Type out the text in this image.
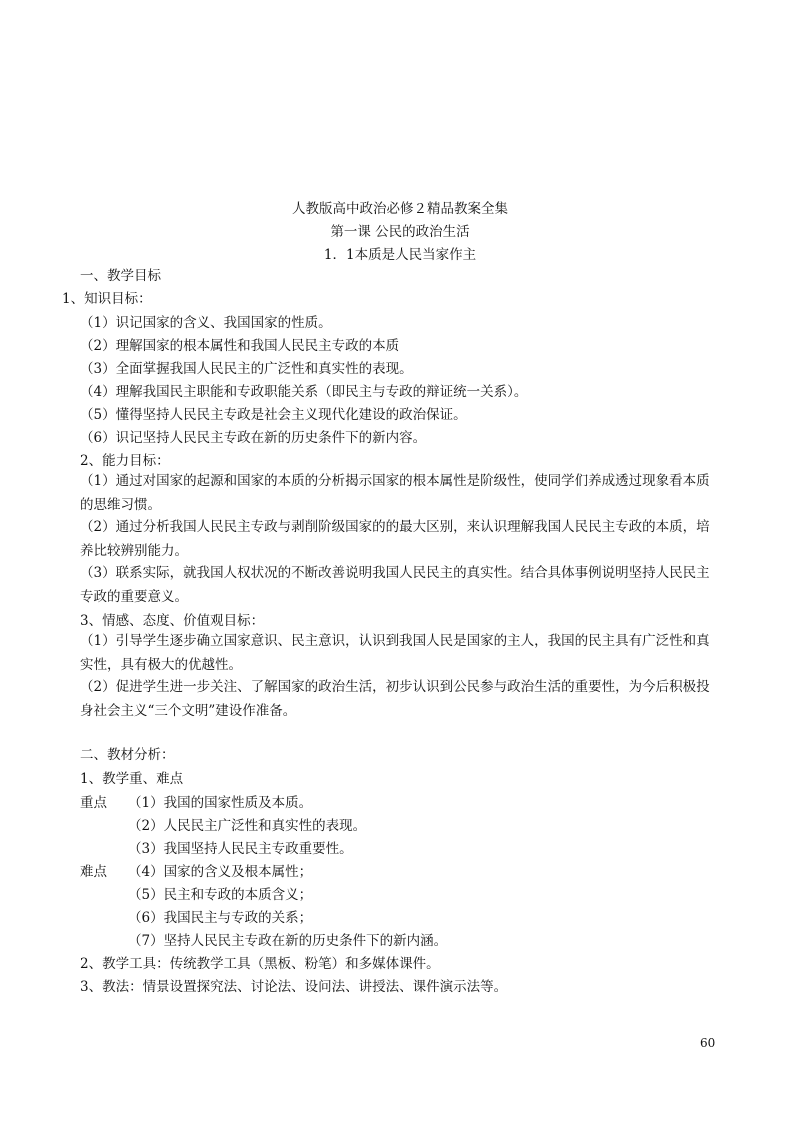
人教版高中政治必修２精品教案全集
第一课 公民的政治生活
1．1本质是人民当家作主
一、教学目标
1、知识目标：
（1）识记国家的含义、我国国家的性质。
（2）理解国家的根本属性和我国人民民主专政的本质
（3）全面掌握我国人民民主的广泛性和真实性的表现。
（4）理解我国民主职能和专政职能关系（即民主与专政的辩证统一关系）。
（5）懂得坚持人民民主专政是社会主义现代化建设的政治保证。
（6）识记坚持人民民主专政在新的历史条件下的新内容。
2、能力目标：
（1）通过对国家的起源和国家的本质的分析揭示国家的根本属性是阶级性，使同学们养成透过现象看本质的思维习惯。
（2）通过分析我国人民民主专政与剥削阶级国家的的最大区别，来认识理解我国人民民主专政的本质，培养比较辨别能力。
（3）联系实际，就我国人权状况的不断改善说明我国人民民主的真实性。结合具体事例说明坚持人民民主专政的重要意义。
3、情感、态度、价值观目标：
（1）引导学生逐步确立国家意识、民主意识，认识到我国人民是国家的主人，我国的民主具有广泛性和真实性，具有极大的优越性。
（2）促进学生进一步关注、了解国家的政治生活，初步认识到公民参与政治生活的重要性，为今后积极投身社会主义“三个文明”建设作准备。
二、教材分析：
1、教学重、难点
重点 （1）我国的国家性质及本质。
（2）人民民主广泛性和真实性的表现。
（3）我国坚持人民民主专政重要性。
难点 （4）国家的含义及根本属性；
（5）民主和专政的本质含义；
（6）我国民主与专政的关系；
（7）坚持人民民主专政在新的历史条件下的新内涵。
2、教学工具：传统教学工具（黑板、粉笔）和多媒体课件。
3、教法：情景设置探究法、讨论法、设问法、讲授法、课件演示法等。
60
